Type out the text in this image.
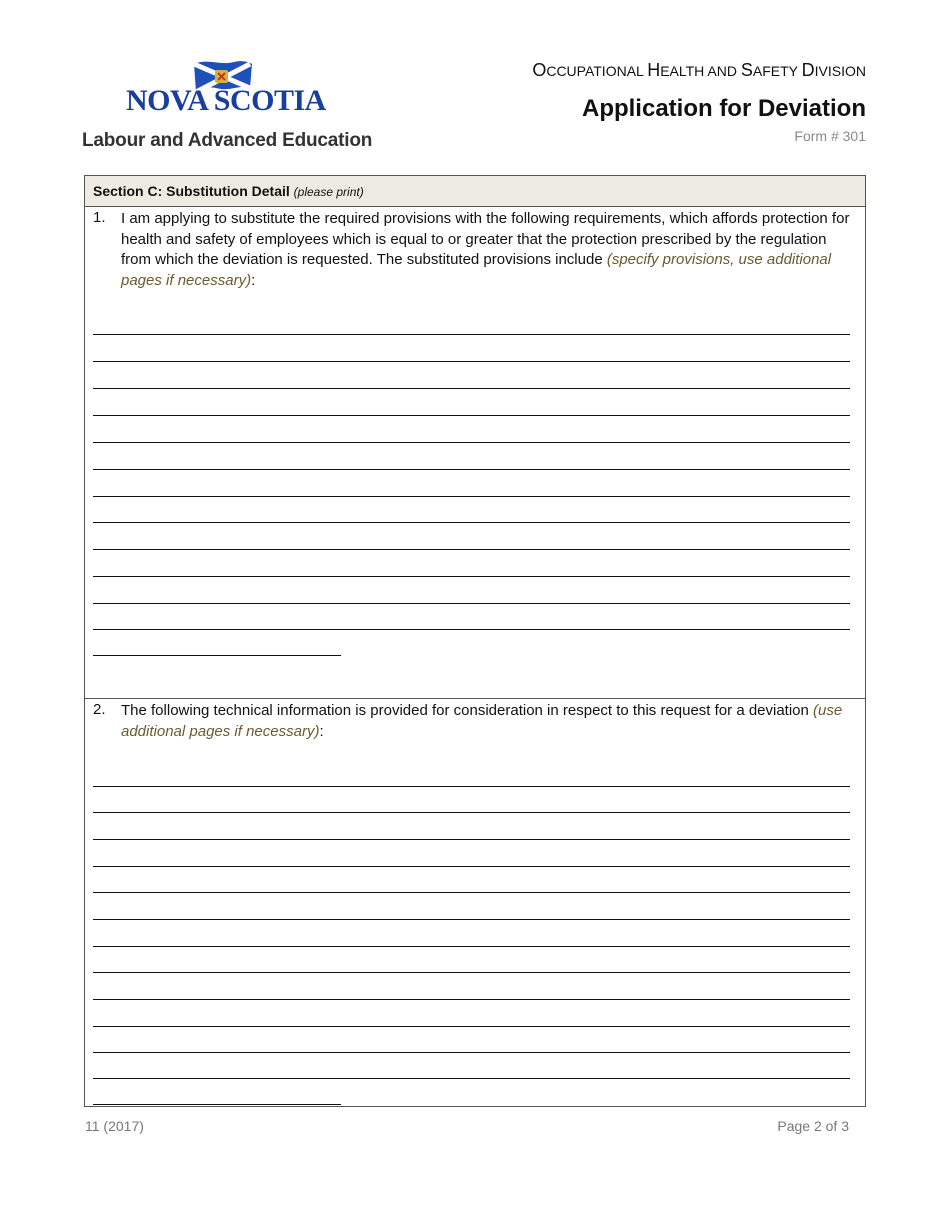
NOVA SCOTIA
Labour and Advanced Education
OCCUPATIONAL HEALTH AND SAFETY DIVISION
Application for Deviation
Form # 301
Section C: Substitution Detail (please print)
1. I am applying to substitute the required provisions with the following requirements, which affords protection for health and safety of employees which is equal to or greater that the protection prescribed by the regulation from which the deviation is requested. The substituted provisions include (specify provisions, use additional pages if necessary):
2. The following technical information is provided for consideration in respect to this request for a deviation (use additional pages if necessary):
11 (2017)	Page 2 of 3
